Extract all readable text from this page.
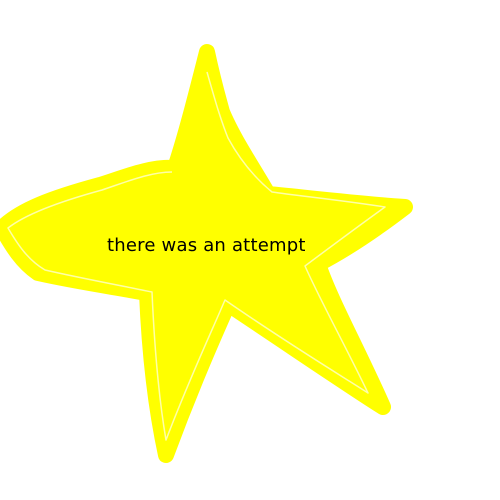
there was an attempt
